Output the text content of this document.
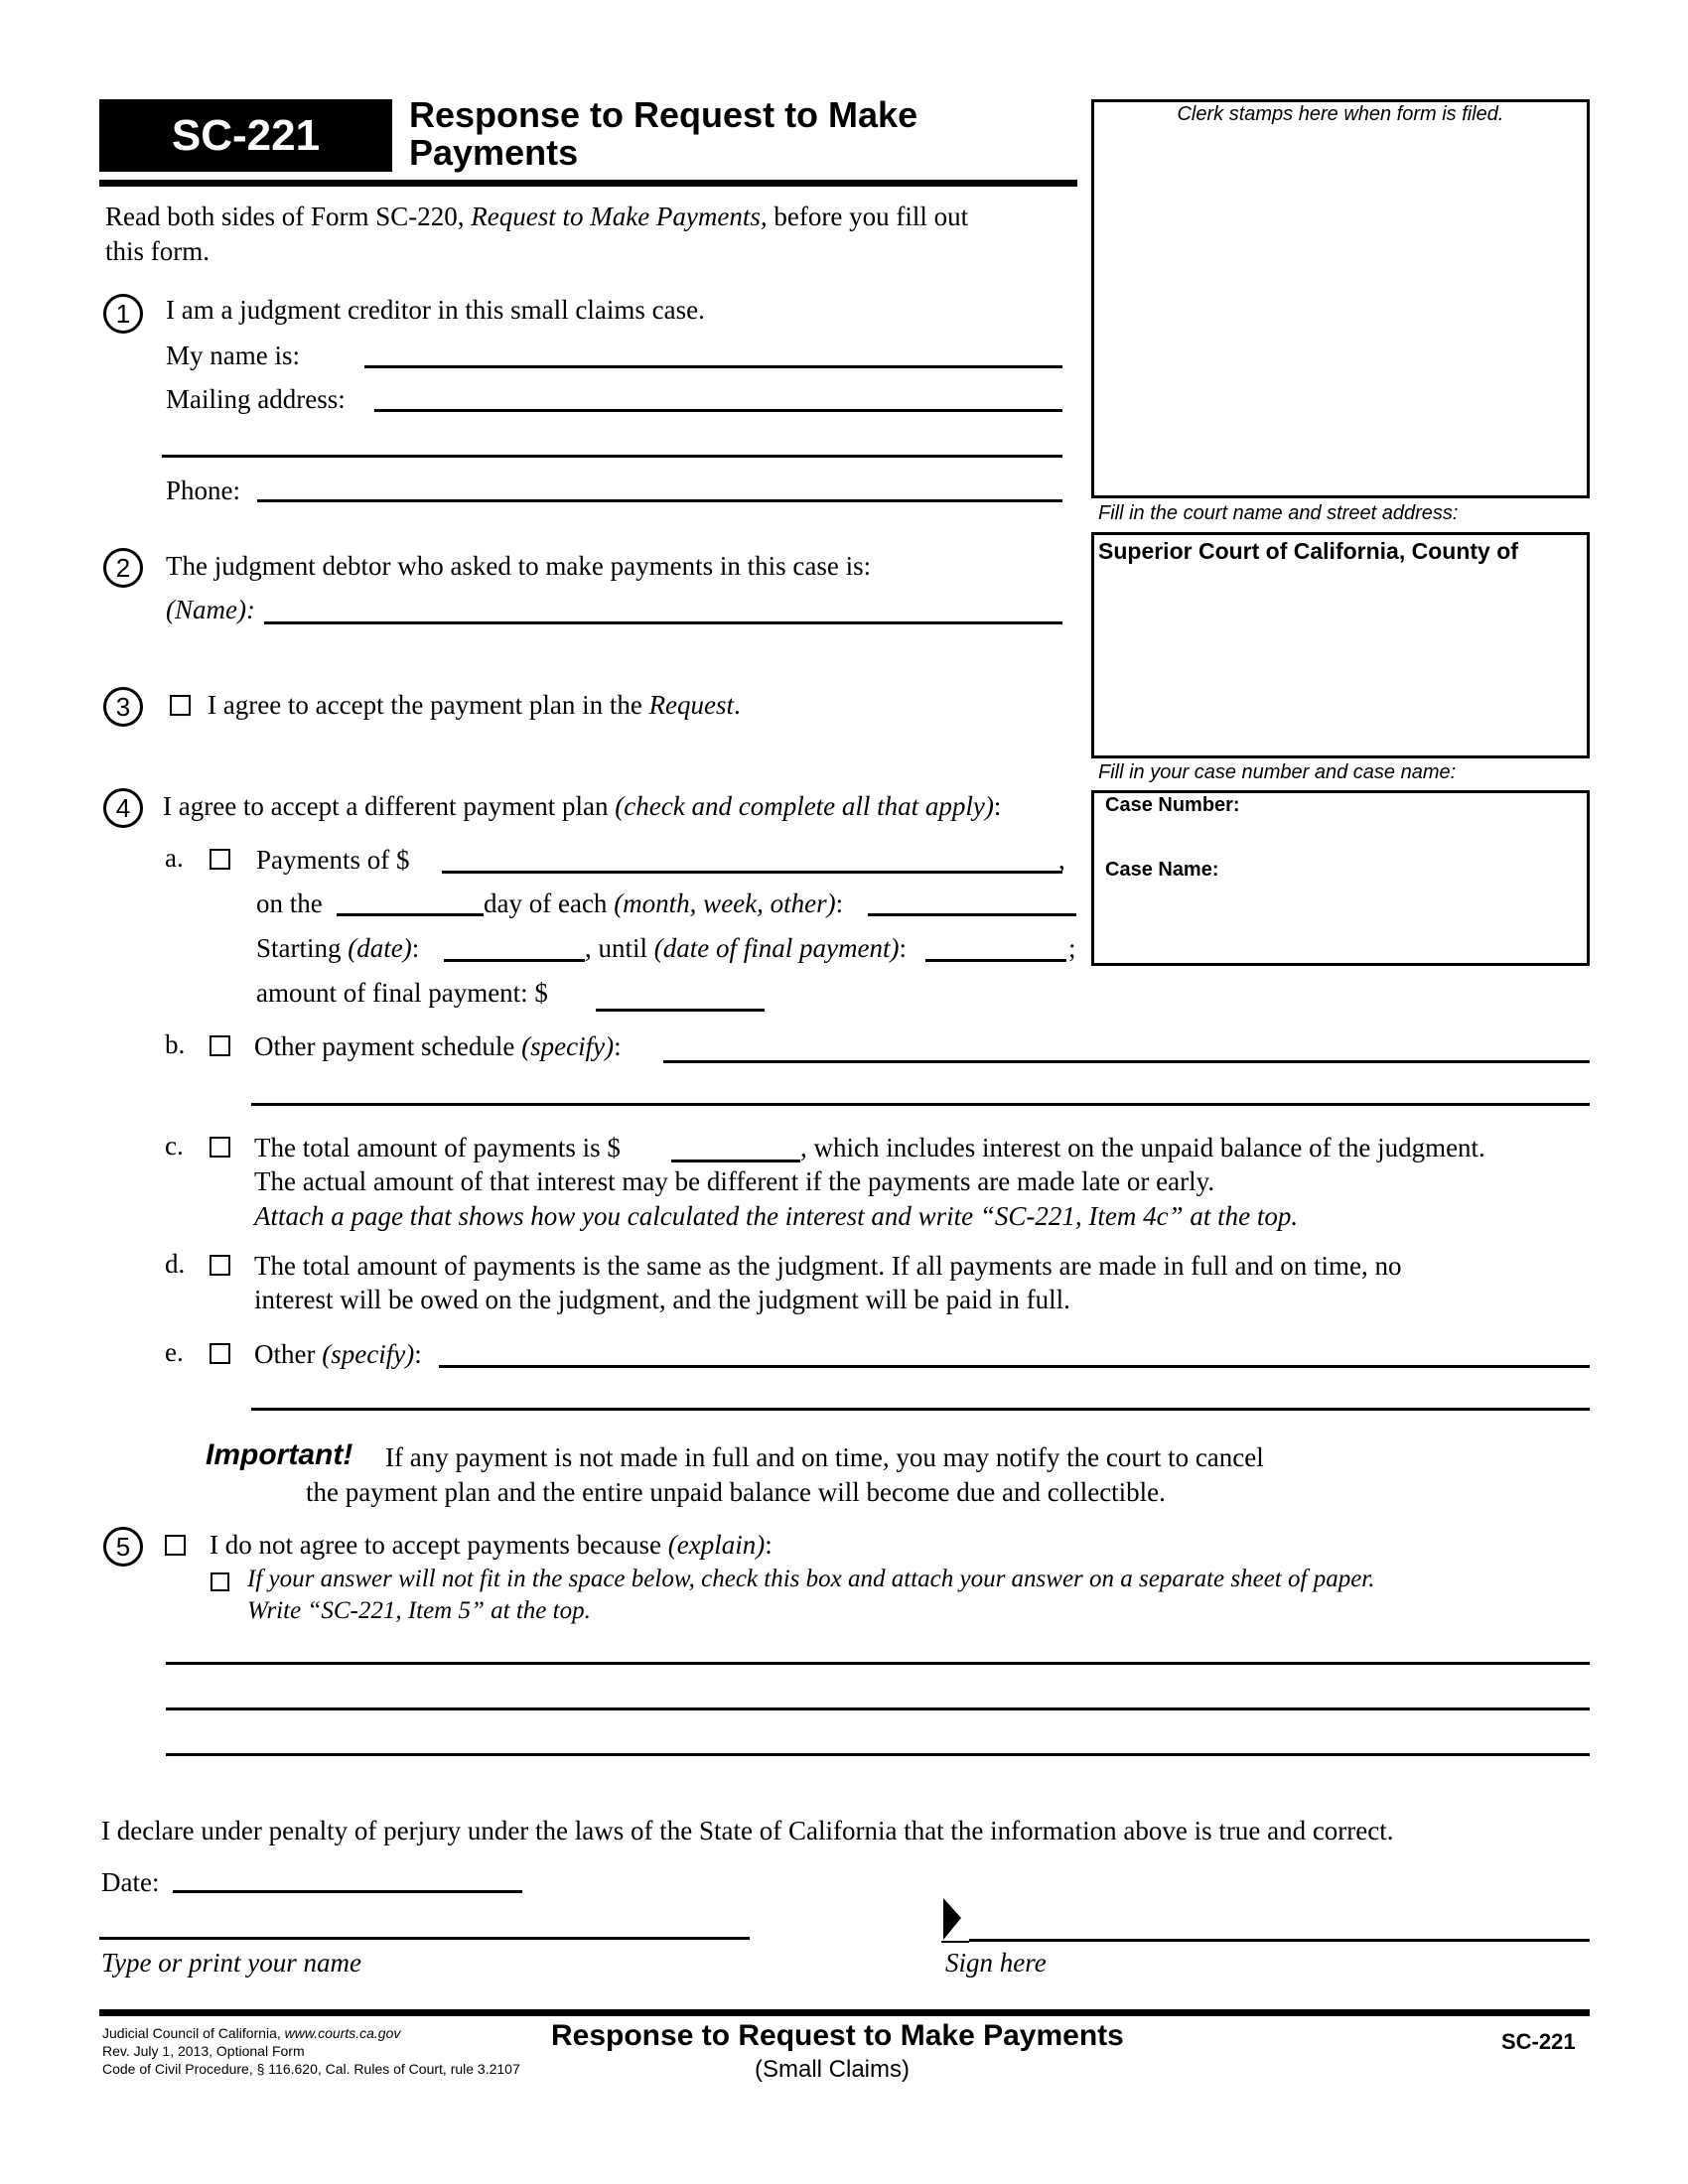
SC-221	Response to Request to Make
Payments
Read both sides of Form SC-220, Request to Make Payments, before you fill out
this form.
Clerk stamps here when form is filed.
Fill in the court name and street address:
Superior Court of California, County of
Fill in your case number and case name:
Case Number:
Case Name:
1	I am a judgment creditor in this small claims case.
My name is:
Mailing address:
Phone:
2	The judgment debtor who asked to make payments in this case is:
(Name):
3	I agree to accept the payment plan in the Request.
4	I agree to accept a different payment plan (check and complete all that apply):
a.	Payments of $	,
on the	day of each (month, week, other):
Starting (date):	, until (date of final payment):	;
amount of final payment: $
b.	Other payment schedule (specify):
c.	The total amount of payments is $	, which includes interest on the unpaid balance of the judgment.
The actual amount of that interest may be different if the payments are made late or early.
Attach a page that shows how you calculated the interest and write “SC-221, Item 4c” at the top.
d.	The total amount of payments is the same as the judgment. If all payments are made in full and on time, no
interest will be owed on the judgment, and the judgment will be paid in full.
e.	Other (specify):
Important! If any payment is not made in full and on time, you may notify the court to cancel
the payment plan and the entire unpaid balance will become due and collectible.
5	I do not agree to accept payments because (explain):
If your answer will not fit in the space below, check this box and attach your answer on a separate sheet of paper.
Write “SC-221, Item 5” at the top.
I declare under penalty of perjury under the laws of the State of California that the information above is true and correct.
Date:
Type or print your name	Sign here
Judicial Council of California, www.courts.ca.gov
Rev. July 1, 2013, Optional Form
Code of Civil Procedure, § 116.620, Cal. Rules of Court, rule 3.2107
Response to Request to Make Payments
(Small Claims)
SC-221
